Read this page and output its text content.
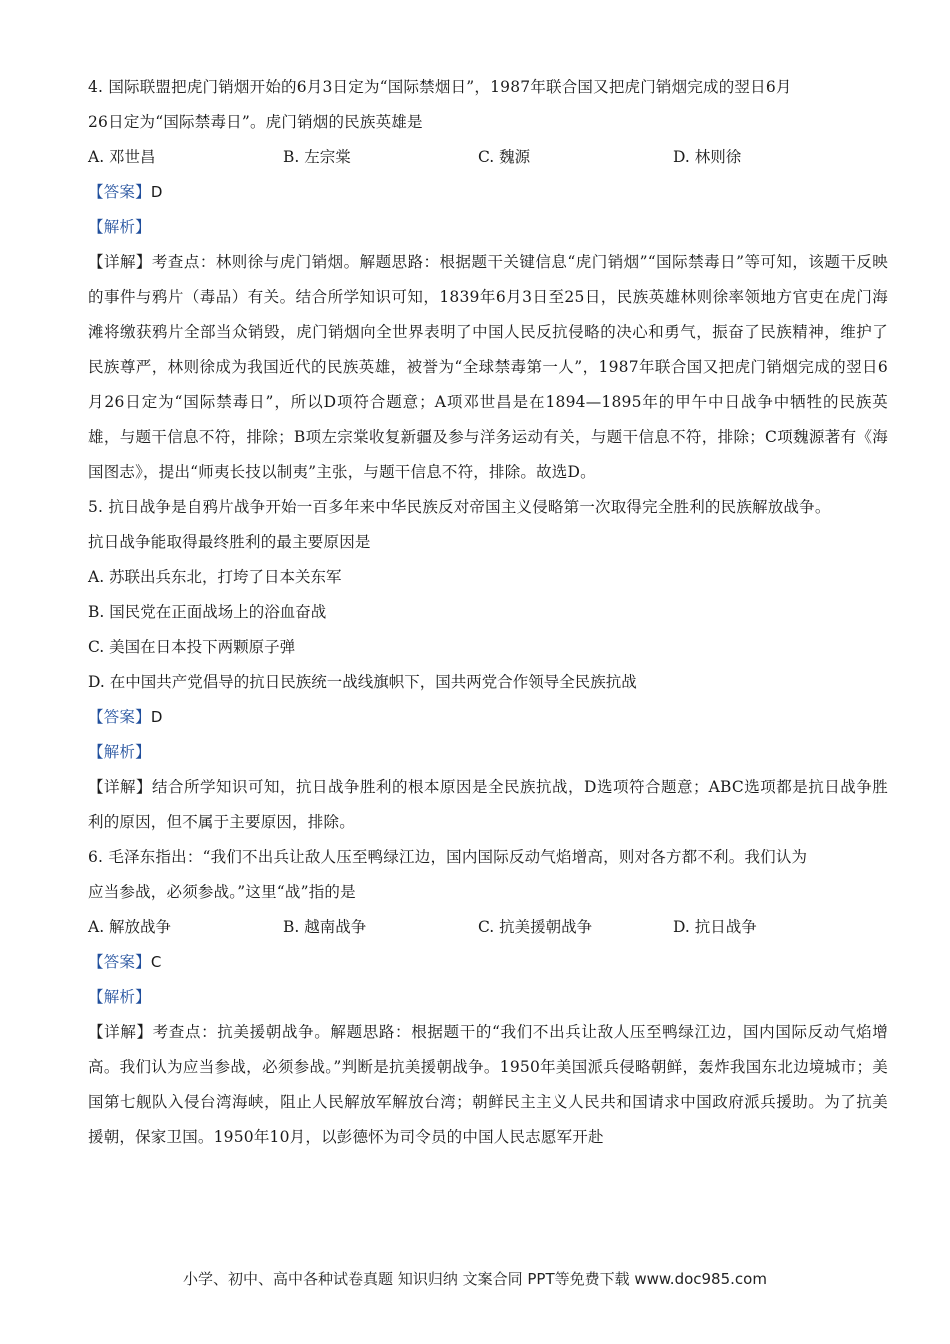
4. 国际联盟把虎门销烟开始的6月3日定为“国际禁烟日”，1987年联合国又把虎门销烟完成的翌日6月
26日定为“国际禁毒日”。虎门销烟的民族英雄是
A. 邓世昌	B. 左宗棠	C. 魏源	D. 林则徐
【答案】D
【解析】
【详解】考查点：林则徐与虎门销烟。解题思路：根据题干关键信息“虎门销烟”“国际禁毒日”等可知，该题干反映的事件与鸦片（毒品）有关。结合所学知识可知，1839年6月3日至25日，民族英雄林则徐率领地方官吏在虎门海滩将缴获鸦片全部当众销毁，虎门销烟向全世界表明了中国人民反抗侵略的决心和勇气，振奋了民族精神，维护了民族尊严，林则徐成为我国近代的民族英雄，被誉为“全球禁毒第一人”，1987年联合国又把虎门销烟完成的翌日6月26日定为“国际禁毒日”，所以D项符合题意；A项邓世昌是在1894—1895年的甲午中日战争中牺牲的民族英雄，与题干信息不符，排除；B项左宗棠收复新疆及参与洋务运动有关，与题干信息不符，排除；C项魏源著有《海国图志》，提出“师夷长技以制夷”主张，与题干信息不符，排除。故选D。
5. 抗日战争是自鸦片战争开始一百多年来中华民族反对帝国主义侵略第一次取得完全胜利的民族解放战争。
抗日战争能取得最终胜利的最主要原因是
A. 苏联出兵东北，打垮了日本关东军
B. 国民党在正面战场上的浴血奋战
C. 美国在日本投下两颗原子弹
D. 在中国共产党倡导的抗日民族统一战线旗帜下，国共两党合作领导全民族抗战
【答案】D
【解析】
【详解】结合所学知识可知，抗日战争胜利的根本原因是全民族抗战，D选项符合题意；ABC选项都是抗日战争胜利的原因，但不属于主要原因，排除。
6. 毛泽东指出：“我们不出兵让敌人压至鸭绿江边，国内国际反动气焰增高，则对各方都不利。我们认为
应当参战，必须参战。”这里“战”指的是
A. 解放战争	B. 越南战争	C. 抗美援朝战争	D. 抗日战争
【答案】C
【解析】
【详解】考查点：抗美援朝战争。解题思路：根据题干的“我们不出兵让敌人压至鸭绿江边，国内国际反动气焰增高。我们认为应当参战，必须参战。”判断是抗美援朝战争。1950年美国派兵侵略朝鲜，轰炸我国东北边境城市；美国第七舰队入侵台湾海峡，阻止人民解放军解放台湾；朝鲜民主主义人民共和国请求中国政府派兵援助。为了抗美援朝，保家卫国。1950年10月，以彭德怀为司令员的中国人民志愿军开赴
小学、初中、高中各种试卷真题 知识归纳 文案合同 PPT等免费下载 www.doc985.com
